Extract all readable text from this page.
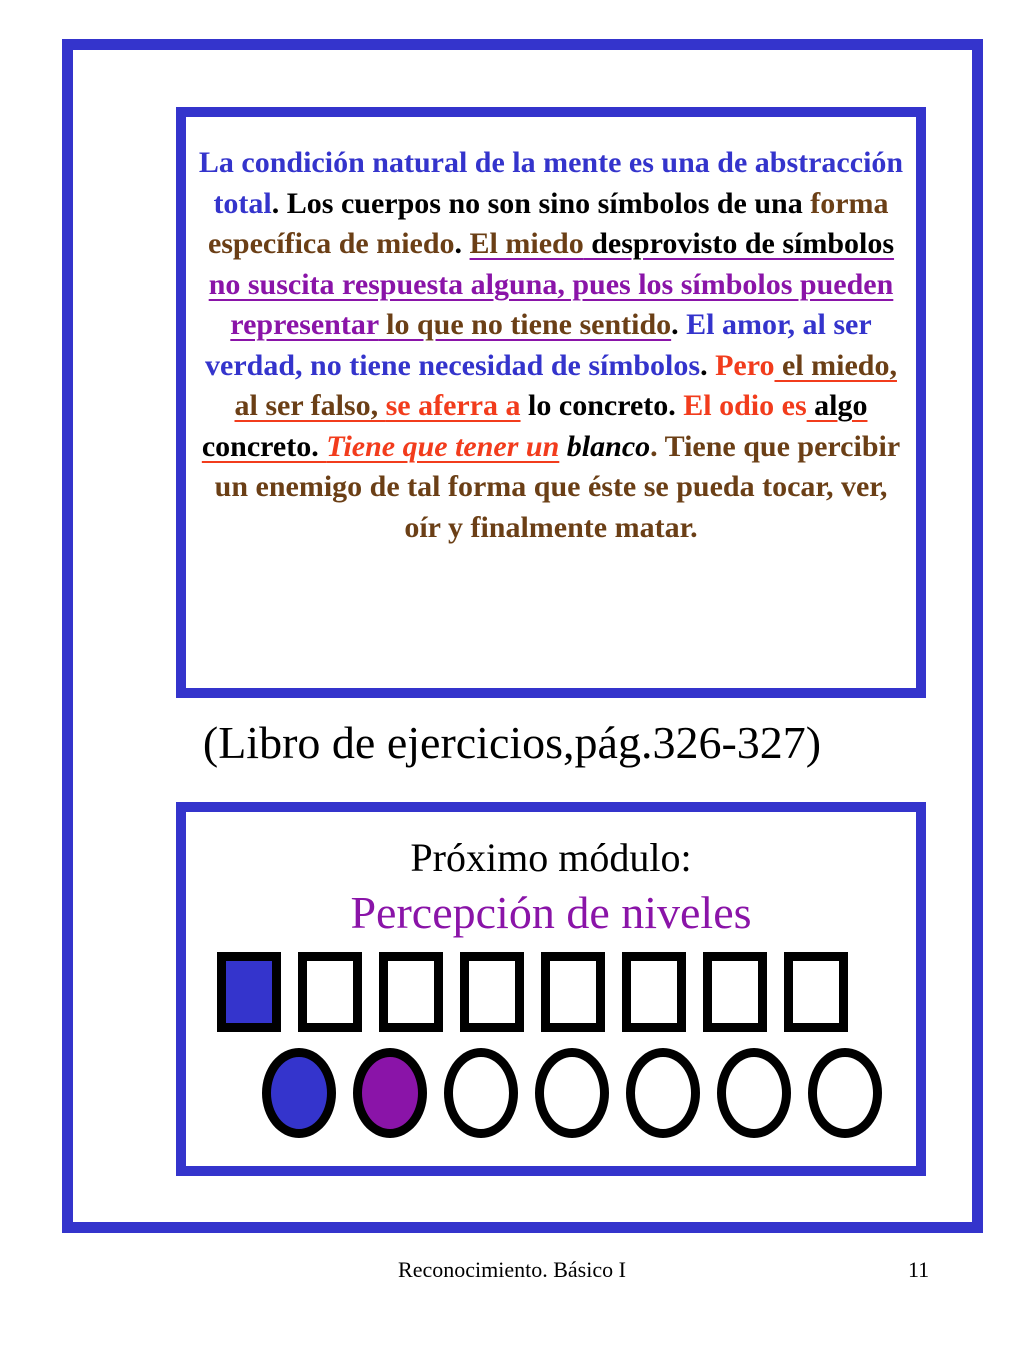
La condición natural de la mente es una de abstracción total. Los cuerpos no son sino símbolos de una forma específica de miedo. El miedo desprovisto de símbolos no suscita respuesta alguna, pues los símbolos pueden representar lo que no tiene sentido. El amor, al ser verdad, no tiene necesidad de símbolos. Pero el miedo, al ser falso, se aferra a lo concreto. El odio es algo concreto. Tiene que tener un blanco. Tiene que percibir un enemigo de tal forma que éste se pueda tocar, ver, oír y finalmente matar.
(Libro de ejercicios,pág.326-327)
Próximo módulo:
Percepción de niveles
Reconocimiento. Básico I	11
